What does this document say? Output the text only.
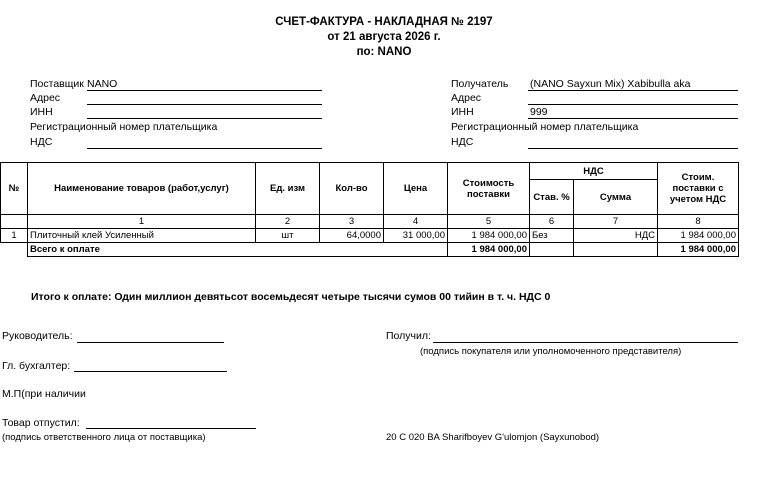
СЧЕТ-ФАКТУРА - НАКЛАДНАЯ № 2197
от 21 августа 2026 г.
по: NANO
Поставщик NANO
Адрес
ИНН
Регистрационный номер плательщика
НДС
Получатель (NANO Sayxun Mix) Xabibulla aka
Адрес
ИНН	999
Регистрационный номер плательщика
НДС
№	Наименование товаров (работ,услуг)	Ед. изм	Кол-во	Цена	Стоимость поставки	НДС		Стоим. поставки с учетом НДС
						Став. %	Сумма	
	1	2	3	4	5	6	7	8
1	Плиточный клей Усиленный	шт	64,0000	31 000,00	1 984 000,00	Без	НДС	1 984 000,00
	Всего к оплате				1 984 000,00			1 984 000,00
Итого к оплате: Один миллион девятьсот восемьдесят четыре тысячи сумов 00 тийин в т. ч. НДС 0
Руководитель:	Получил:
(подпись покупателя или уполномоченного представителя)
Гл. бухгалтер:
М.П(при наличии
Товар отпустил:
(подпись ответственного лица от поставщика)	20 C 020 BA Sharifboyev G'ulomjon (Sayxunobod)
